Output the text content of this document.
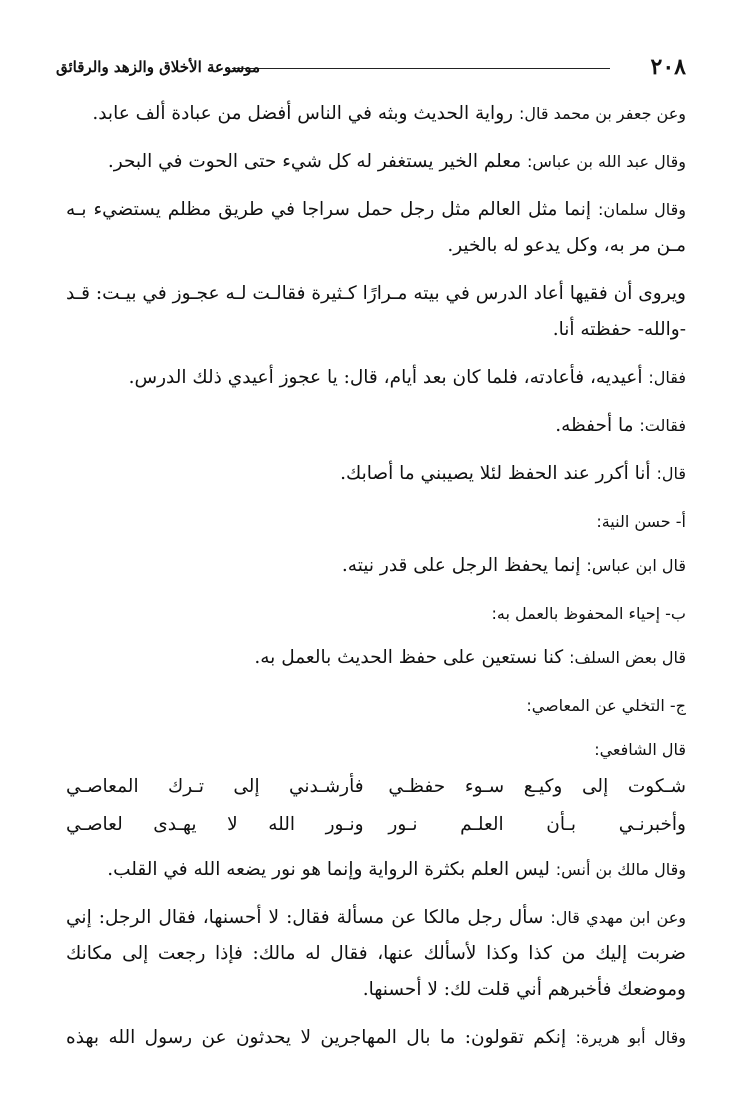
٢٠٨
موسوعة الأخلاق والزهد والرقائق

وعن جعفر بن محمد قال: رواية الحديث وبثه في الناس أفضل من عبادة ألف عابد.

وقال عبد الله بن عباس: معلم الخير يستغفر له كل شيء حتى الحوت في البحر.

وقال سلمان: إنما مثل العالم مثل رجل حمل سراجا في طريق مظلم يستضيء بـه مـن مر به، وكل يدعو له بالخير.

ويروى أن فقيها أعاد الدرس في بيته مـرارًا كـثيرة فقالـت لـه عجـوز في بيـت: قـد -والله- حفظته أنا.

فقال: أعيديه، فأعادته، فلما كان بعد أيام، قال: يا عجوز أعيدي ذلك الدرس.

فقالت: ما أحفظه.

قال: أنا أكرر عند الحفظ لئلا يصيبني ما أصابك.

أ- حسن النية:

قال ابن عباس: إنما يحفظ الرجل على قدر نيته.

ب- إحياء المحفوظ بالعمل به:

قال بعض السلف: كنا نستعين على حفظ الحديث بالعمل به.

ج- التخلي عن المعاصي:

قال الشافعي:

شـكوت إلى وكيـع سـوء حفظـي
فأرشـدني إلى تـرك المعاصـي
وأخبرنـي بـأن العلـم نـور
ونـور الله لا يهـدى لعاصـي

وقال مالك بن أنس: ليس العلم بكثرة الرواية وإنما هو نور يضعه الله في القلب.

وعن ابن مهدي قال: سأل رجل مالكا عن مسألة فقال: لا أحسنها، فقال الرجل: إني ضربت إليك من كذا وكذا لأسألك عنها، فقال له مالك: فإذا رجعت إلى مكانك وموضعك فأخبرهم أني قلت لك: لا أحسنها.

وقال أبو هريرة: إنكم تقولون: ما بال المهاجرين لا يحدثون عن رسول الله بهذه
